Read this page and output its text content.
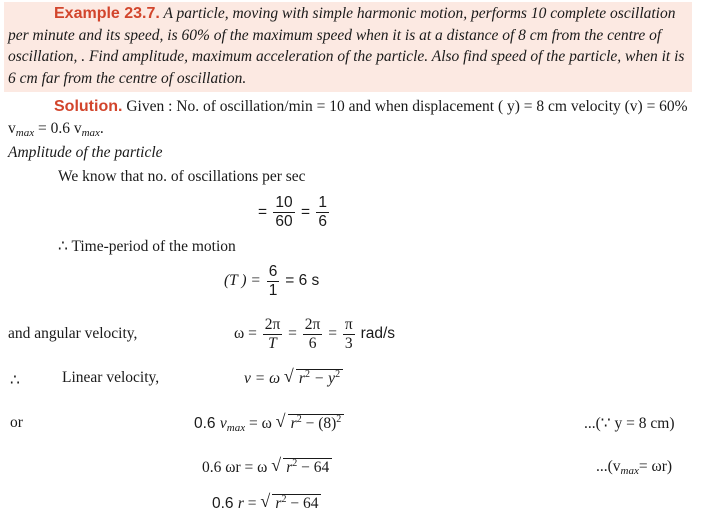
Example 23.7. A particle, moving with simple harmonic motion, performs 10 complete oscillation per minute and its speed, is 60% of the maximum speed when it is at a distance of 8 cm from the centre of oscillation, . Find amplitude, maximum acceleration of the particle. Also find speed of the particle, when it is 6 cm far from the centre of oscillation.
Solution. Given : No. of oscillation/min = 10 and when displacement ( y) = 8 cm velocity (v) = 60% $v_{max} = 0.6$ $v_{max}$.
Amplitude of the particle
We know that no. of oscillations per sec
= $\frac{10}{60} = \frac{1}{6}$
∴ Time-period of the motion
(T ) = $\frac{6}{1} = 6$ s
and angular velocity,	$\omega = \frac{2\pi}{T} = \frac{2\pi}{6} = \frac{\pi}{3} rad/s$
∴	Linear velocity,	v = ω √ $r^2 - y^2$
or	0.6 $v_{max} = \omega$ √ $r^2 - (8)^2$	...(∵ y = 8 cm)
0.6 ωr = ω √ $r^2 - 64$	$...(v_{max}= \omega r)$
0.6 r = √ $r^2 - 64$
